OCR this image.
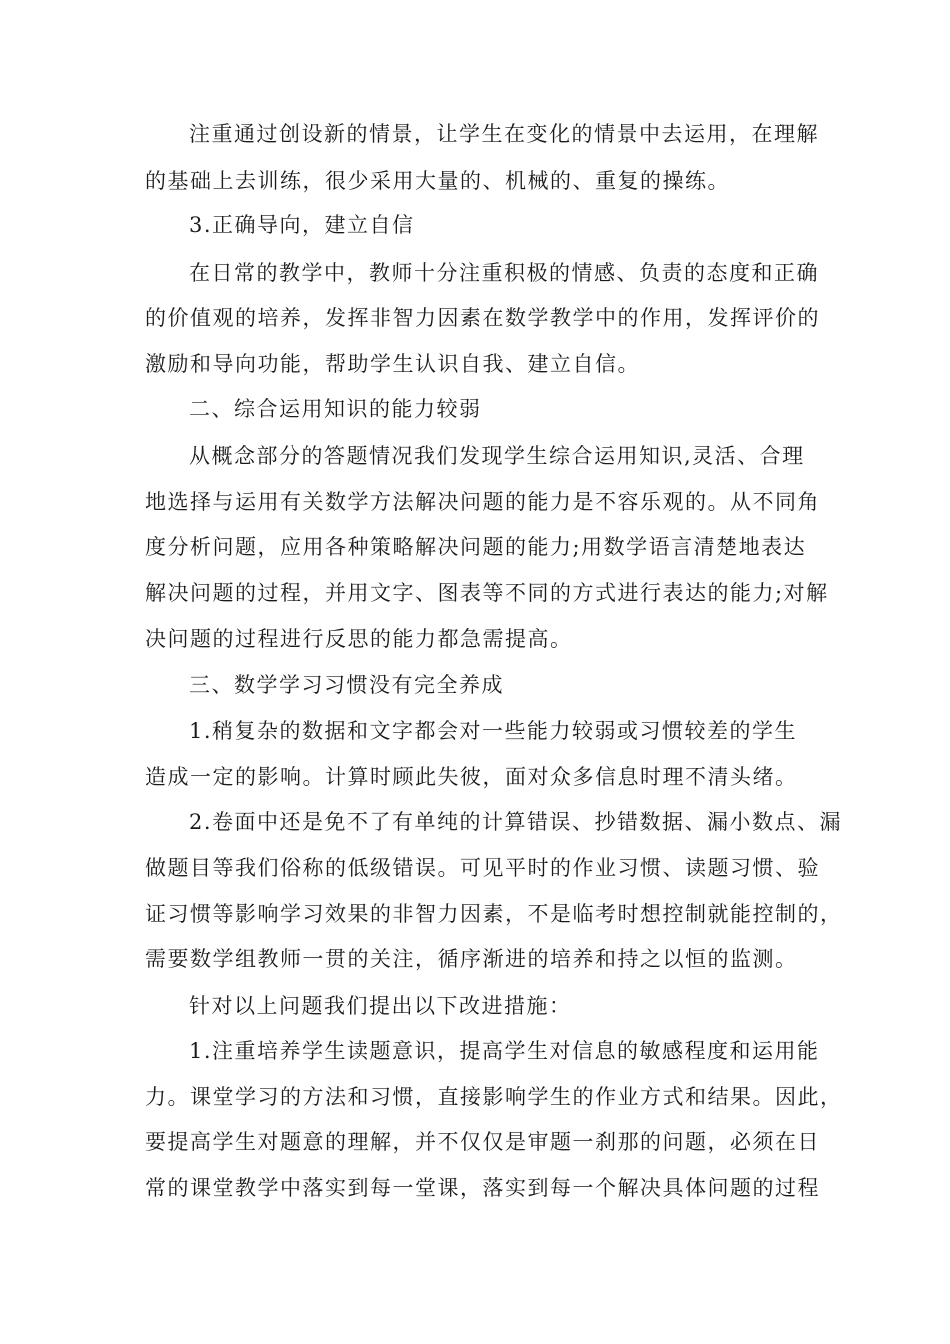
注重通过创设新的情景，让学生在变化的情景中去运用，在理解
的基础上去训练，很少采用大量的、机械的、重复的操练。
3.正确导向，建立自信
在日常的教学中，教师十分注重积极的情感、负责的态度和正确
的价值观的培养，发挥非智力因素在数学教学中的作用，发挥评价的
激励和导向功能，帮助学生认识自我、建立自信。
二、综合运用知识的能力较弱
从概念部分的答题情况我们发现学生综合运用知识,灵活、合理
地选择与运用有关数学方法解决问题的能力是不容乐观的。从不同角
度分析问题，应用各种策略解决问题的能力;用数学语言清楚地表达
解决问题的过程，并用文字、图表等不同的方式进行表达的能力;对解
决问题的过程进行反思的能力都急需提高。
三、数学学习习惯没有完全养成
1.稍复杂的数据和文字都会对一些能力较弱或习惯较差的学生
造成一定的影响。计算时顾此失彼，面对众多信息时理不清头绪。
2.卷面中还是免不了有单纯的计算错误、抄错数据、漏小数点、漏
做题目等我们俗称的低级错误。可见平时的作业习惯、读题习惯、验
证习惯等影响学习效果的非智力因素，不是临考时想控制就能控制的，
需要数学组教师一贯的关注，循序渐进的培养和持之以恒的监测。
针对以上问题我们提出以下改进措施：
1.注重培养学生读题意识，提高学生对信息的敏感程度和运用能
力。课堂学习的方法和习惯，直接影响学生的作业方式和结果。因此，
要提高学生对题意的理解，并不仅仅是审题一刹那的问题，必须在日
常的课堂教学中落实到每一堂课，落实到每一个解决具体问题的过程
